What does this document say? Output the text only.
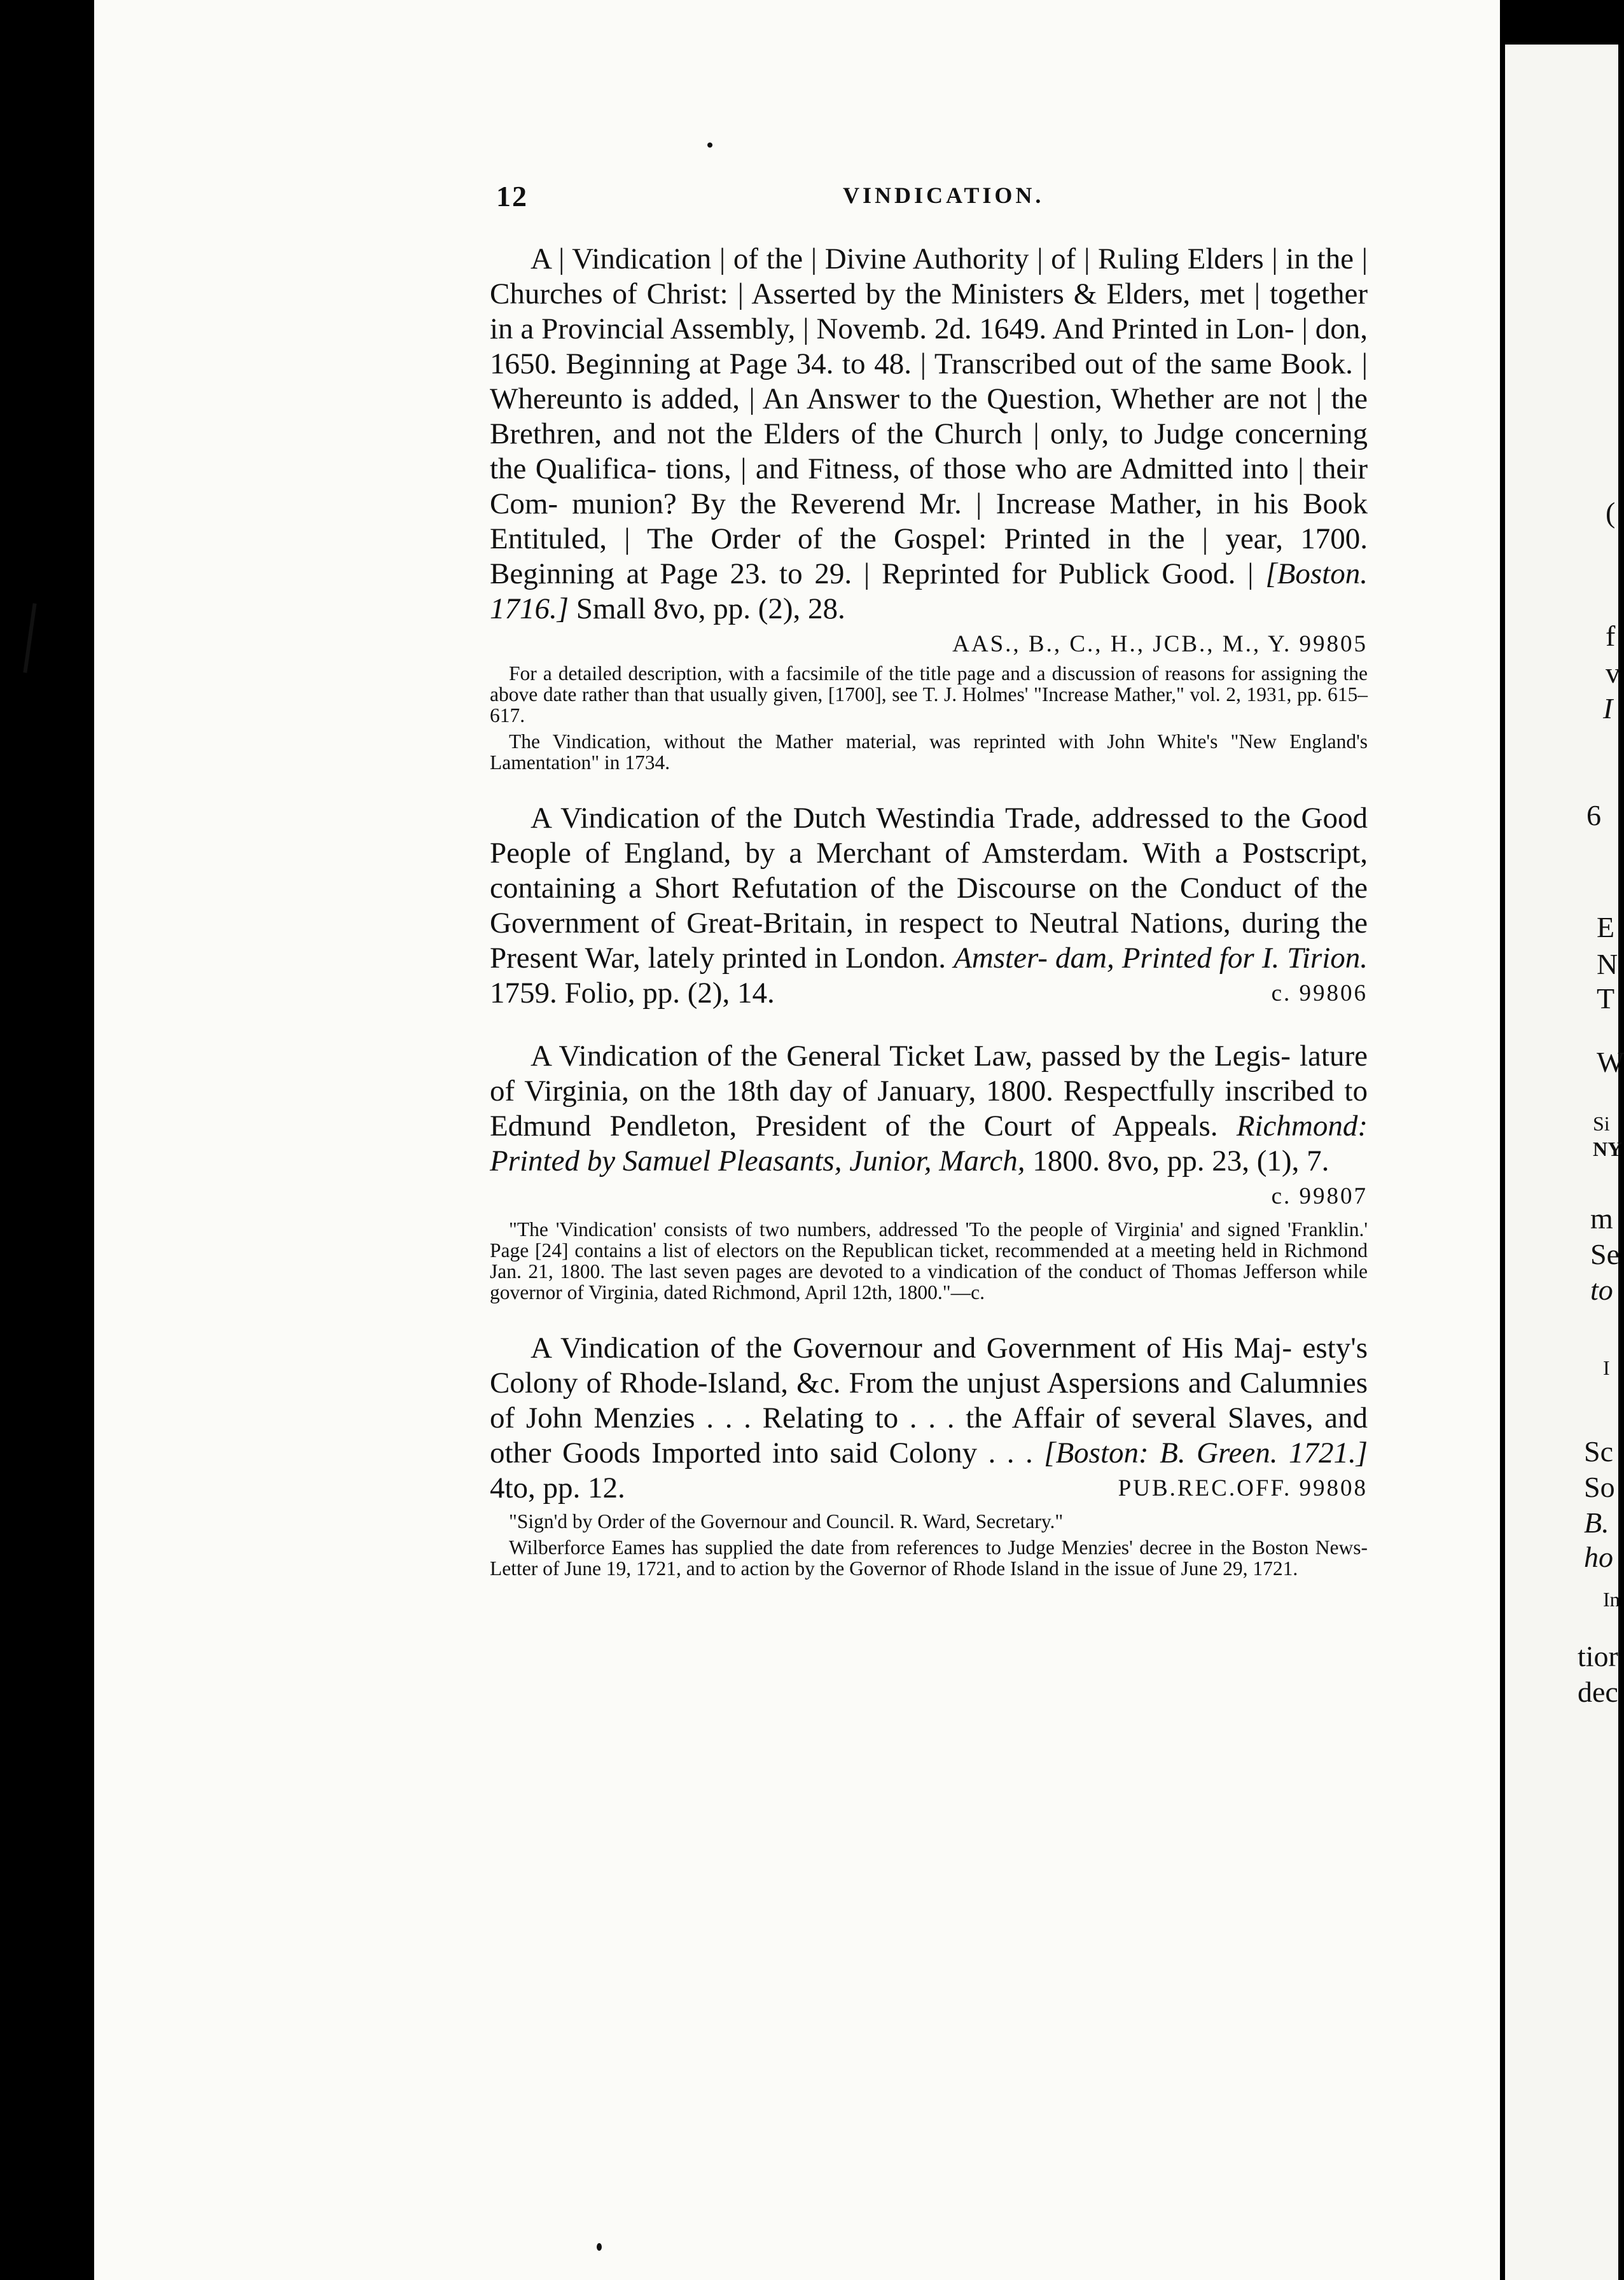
12	VINDICATION.

A | Vindication | of the | Divine Authority | of | Ruling Elders | in the | Churches of Christ: | Asserted by the Ministers & Elders, met | together in a Provincial Assembly, | Novemb. 2d. 1649. And Printed in Lon- | don, 1650. Beginning at Page 34. to 48. | Transcribed out of the same Book. | Whereunto is added, | An Answer to the Question, Whether are not | the Brethren, and not the Elders of the Church | only, to Judge concerning the Qualifica- tions, | and Fitness, of those who are Admitted into | their Com- munion? By the Reverend Mr. | Increase Mather, in his Book Entituled, | The Order of the Gospel: Printed in the | year, 1700. Beginning at Page 23. to 29. | Reprinted for Publick Good. | [Boston. 1716.] Small 8vo, pp. (2), 28.

AAS., B., C., H., JCB., M., Y. 99805

For a detailed description, with a facsimile of the title page and a discussion of reasons for assigning the above date rather than that usually given, [1700], see T. J. Holmes' "Increase Mather," vol. 2, 1931, pp. 615–617.

The Vindication, without the Mather material, was reprinted with John White's "New England's Lamentation" in 1734.

A Vindication of the Dutch Westindia Trade, addressed to the Good People of England, by a Merchant of Amsterdam. With a Postscript, containing a Short Refutation of the Discourse on the Conduct of the Government of Great-Britain, in respect to Neutral Nations, during the Present War, lately printed in London. Amster- dam, Printed for I. Tirion. 1759. Folio, pp. (2), 14.	c. 99806

A Vindication of the General Ticket Law, passed by the Legis- lature of Virginia, on the 18th day of January, 1800. Respectfully inscribed to Edmund Pendleton, President of the Court of Appeals. Richmond: Printed by Samuel Pleasants, Junior, March, 1800. 8vo, pp. 23, (1), 7.
c. 99807

"The 'Vindication' consists of two numbers, addressed 'To the people of Virginia' and signed 'Franklin.' Page [24] contains a list of electors on the Republican ticket, recommended at a meeting held in Richmond Jan. 21, 1800. The last seven pages are devoted to a vindication of the conduct of Thomas Jefferson while governor of Virginia, dated Richmond, April 12th, 1800."—c.

A Vindication of the Governour and Government of His Maj- esty's Colony of Rhode-Island, &c. From the unjust Aspersions and Calumnies of John Menzies . . . Relating to . . . the Affair of several Slaves, and other Goods Imported into said Colony . . . [Boston: B. Green. 1721.] 4to, pp. 12.	PUB.REC.OFF. 99808

"Sign'd by Order of the Governour and Council. R. Ward, Secretary."

Wilberforce Eames has supplied the date from references to Judge Menzies' decree in the Boston News-Letter of June 19, 1721, and to action by the Governor of Rhode Island in the issue of June 29, 1721.

(
f
v
I
6
E
N
T
W
Si
NY
m
Se
to
I
Sc
So
B.
ho
In
tior
dec
